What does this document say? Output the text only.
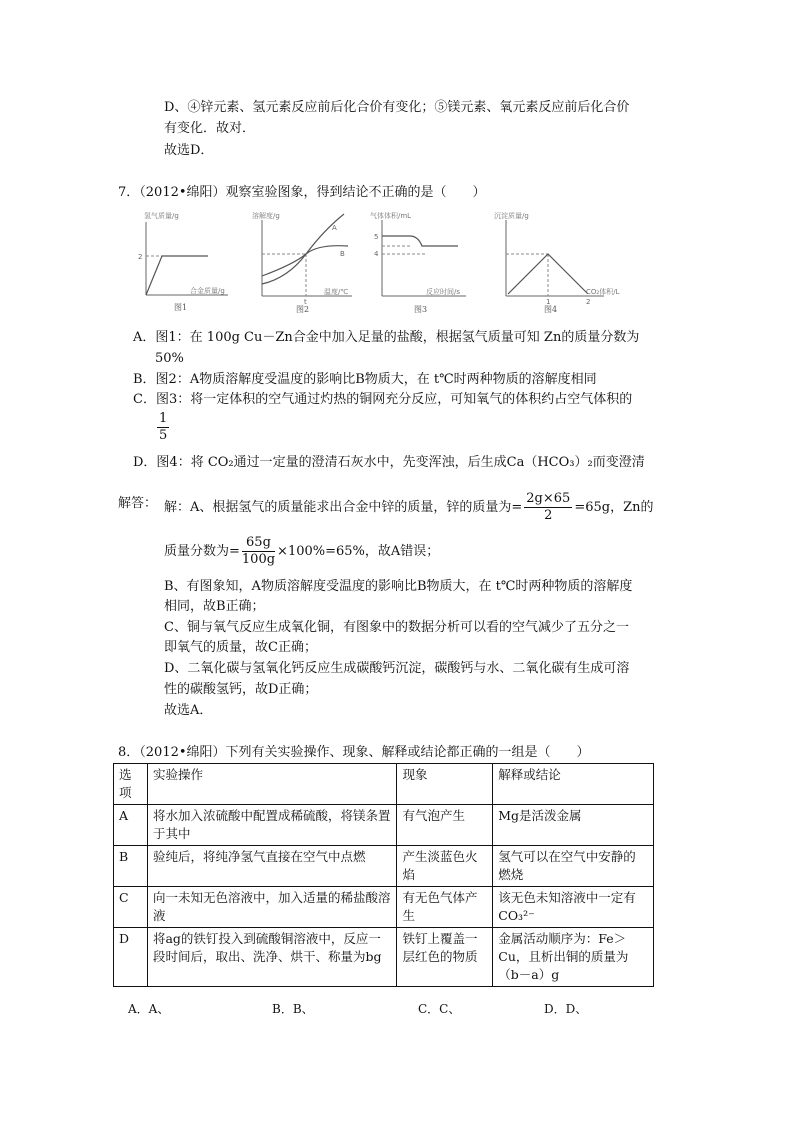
D、④锌元素、氢元素反应前后化合价有变化；⑤镁元素、氧元素反应前后化合价
有变化．故对．
故选D．
7．（2012•绵阳）观察室验图象，得到结论不正确的是（　　）
氢气质量/g
2
合金质量/g
图1
溶解度/g
A
B
t
温度/℃
图2
气体体积/mL
5
4
反应时间/s
图3
沉淀质量/g
1	2
CO₂体积/L
图4
A．图1：在 100g Cu－Zn合金中加入足量的盐酸，根据氢气质量可知 Zn的质量分数为
50%
B．图2：A物质溶解度受温度的影响比B物质大，在 t℃时两种物质的溶解度相同
C．图3：将一定体积的空气通过灼热的铜网充分反应，可知氧气的体积约占空气体积的
$\frac{1}{5}$
D．图4：将 CO₂通过一定量的澄清石灰水中，先变浑浊，后生成Ca（HCO₃）₂而变澄清
解答： 解：A、根据氢气的质量能求出合金中锌的质量，锌的质量为= $\frac{2g\times 65}{2} =65g$，Zn的
质量分数为= $\frac{65g}{100g} \times 100\%=65\%$，故A错误；
B、有图象知，A物质溶解度受温度的影响比B物质大，在 t℃时两种物质的溶解度
相同，故B正确；
C、铜与氧气反应生成氧化铜，有图象中的数据分析可以看的空气减少了五分之一
即氧气的质量，故C正确；
D、二氧化碳与氢氧化钙反应生成碳酸钙沉淀，碳酸钙与水、二氧化碳有生成可溶
性的碳酸氢钙，故D正确；
故选A．
8．（2012•绵阳）下列有关实验操作、现象、解释或结论都正确的一组是（　　）
选项	实验操作	现象	解释或结论
A	将水加入浓硫酸中配置成稀硫酸，将镁条置于其中	有气泡产生	Mg是活泼金属
B	验纯后，将纯净氢气直接在空气中点燃	产生淡蓝色火焰	氢气可以在空气中安静的燃烧
C	向一未知无色溶液中，加入适量的稀盐酸溶液	有无色气体产生	该无色未知溶液中一定有CO₃²⁻
D	将ag的铁钉投入到硫酸铜溶液中，反应一段时间后，取出、洗净、烘干、称量为bg	铁钉上覆盖一层红色的物质	金属活动顺序为：Fe＞Cu，且析出铜的质量为（b－a）g
A．A、	B．B、	C．C、	D．D、
